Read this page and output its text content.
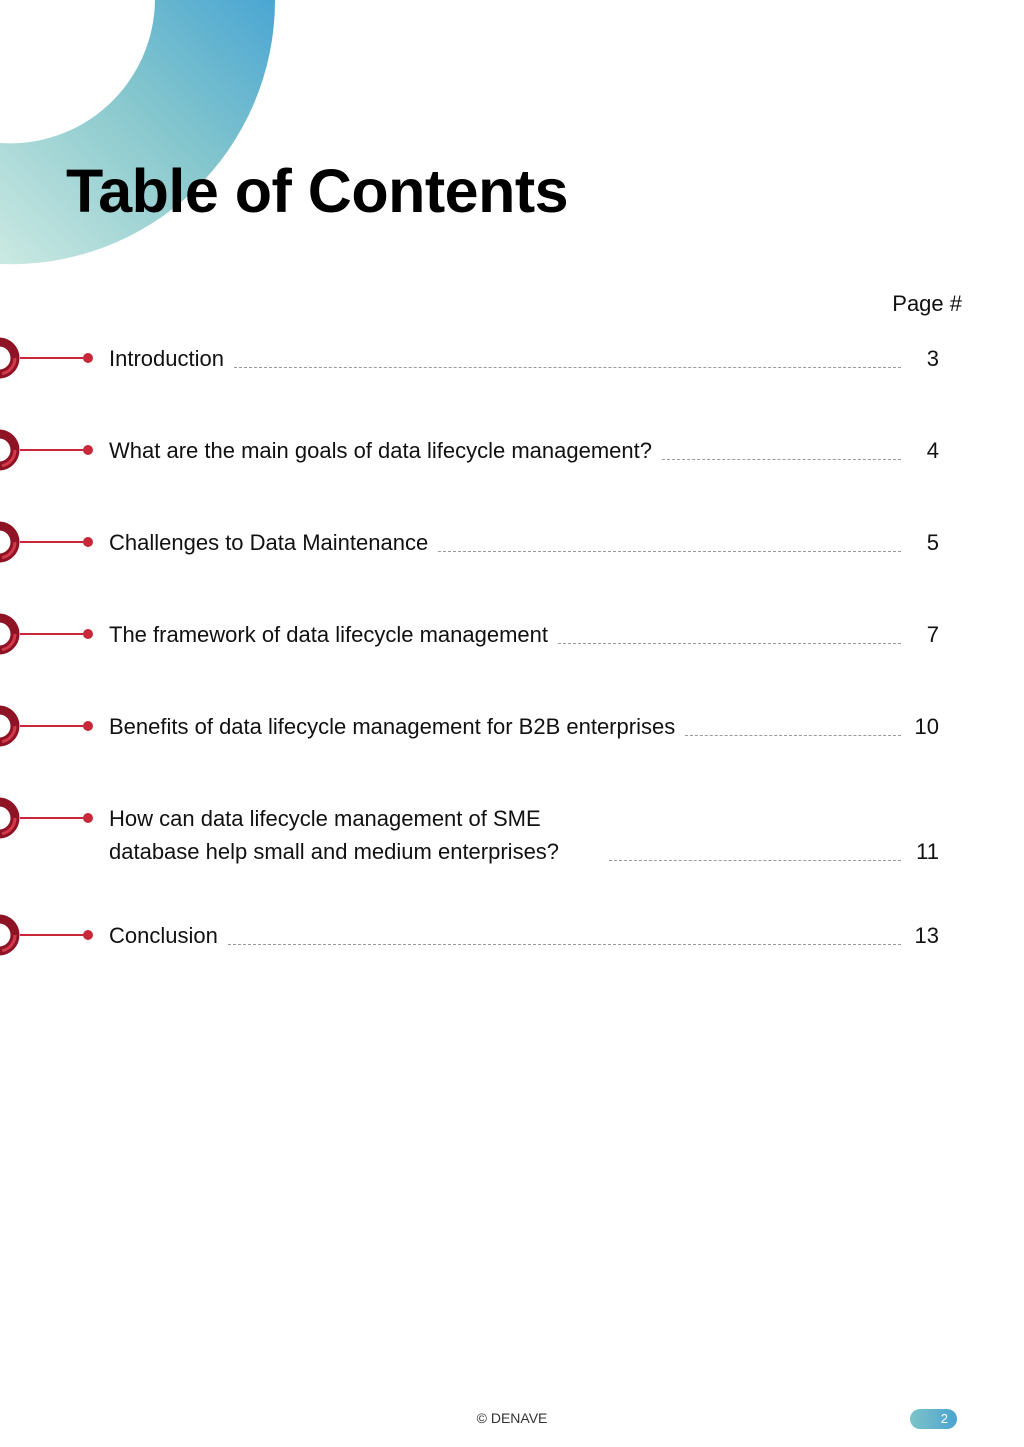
Table of Contents
Page #
Introduction	3
What are the main goals of data lifecycle management?	4
Challenges to Data Maintenance	5
The framework of data lifecycle management	7
Benefits of data lifecycle management for B2B enterprises	10
How can data lifecycle management of SME database help small and medium enterprises?	11
Conclusion	13
© DENAVE	2
